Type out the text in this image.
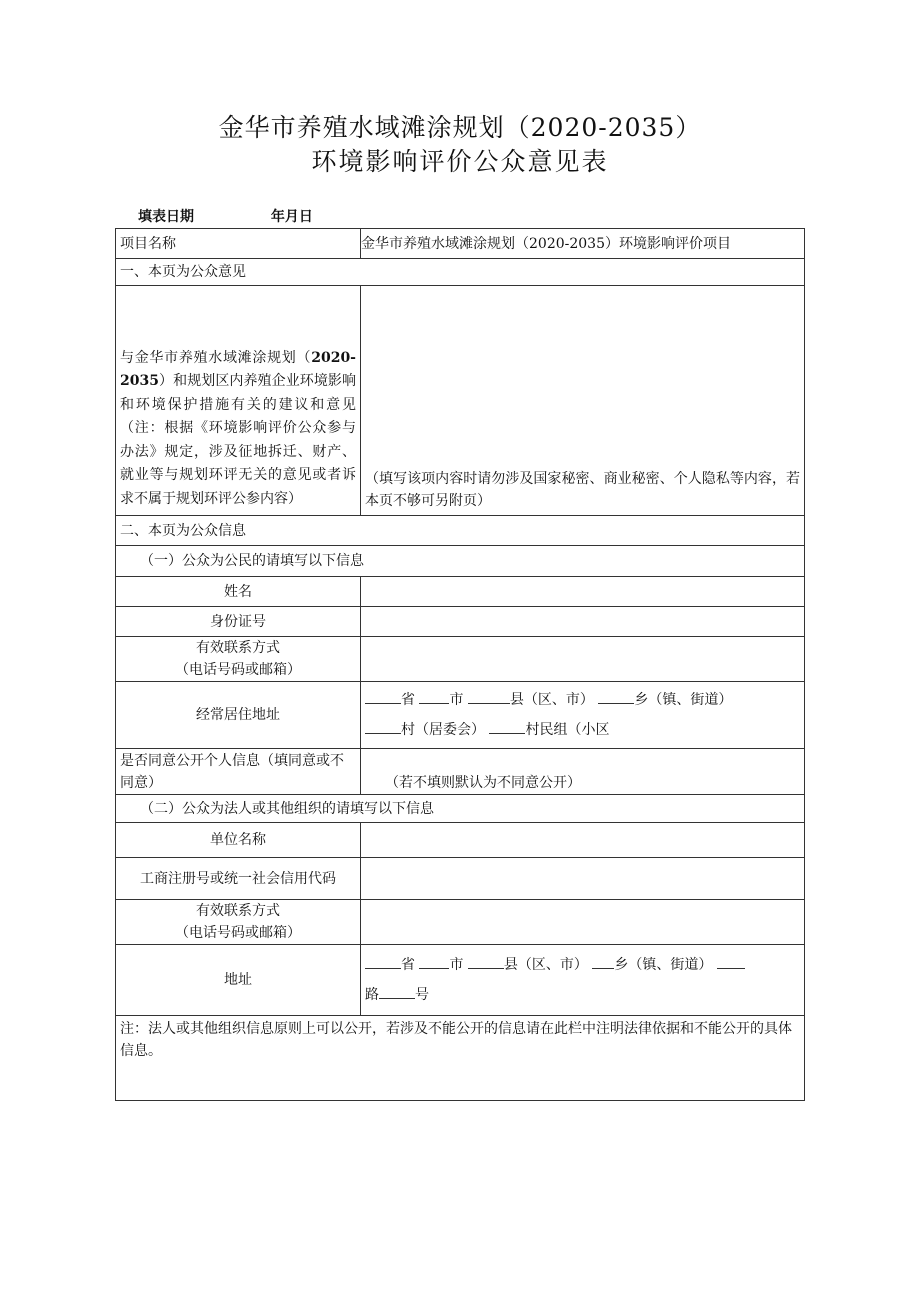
金华市养殖水域滩涂规划（2020-2035）
环境影响评价公众意见表
填表日期	年月日
项目名称	金华市养殖水域滩涂规划（2020-2035）环境影响评价项目
一、本页为公众意见	
与金华市养殖水域滩涂规划（2020-2035）和规划区内养殖企业环境影响和环境保护措施有关的建议和意见（注：根据《环境影响评价公众参与办法》规定，涉及征地拆迁、财产、就业等与规划环评无关的意见或者诉求不属于规划环评公参内容）	（填写该项内容时请勿涉及国家秘密、商业秘密、个人隐私等内容，若本页不够可另附页）
二、本页为公众信息	
（一）公众为公民的请填写以下信息	
姓名	
身份证号	

有效联系方式
（电话号码或邮箱）	

经常居住地址	省 市 县（区、市） 乡（镇、街道）
村（居委会） 村民组（小区

是否同意公开个人信息（填同意或不同意）	（若不填则默认为不同意公开）
（二）公众为法人或其他组织的请填写以下信息	
单位名称	
工商注册号或统一社会信用代码	

有效联系方式
（电话号码或邮箱）	

地址	省 市 县（区、市） 乡（镇、街道）
路 号

注：法人或其他组织信息原则上可以公开，若涉及不能公开的信息请在此栏中注明法律依据和不能公开的具体信息。	
